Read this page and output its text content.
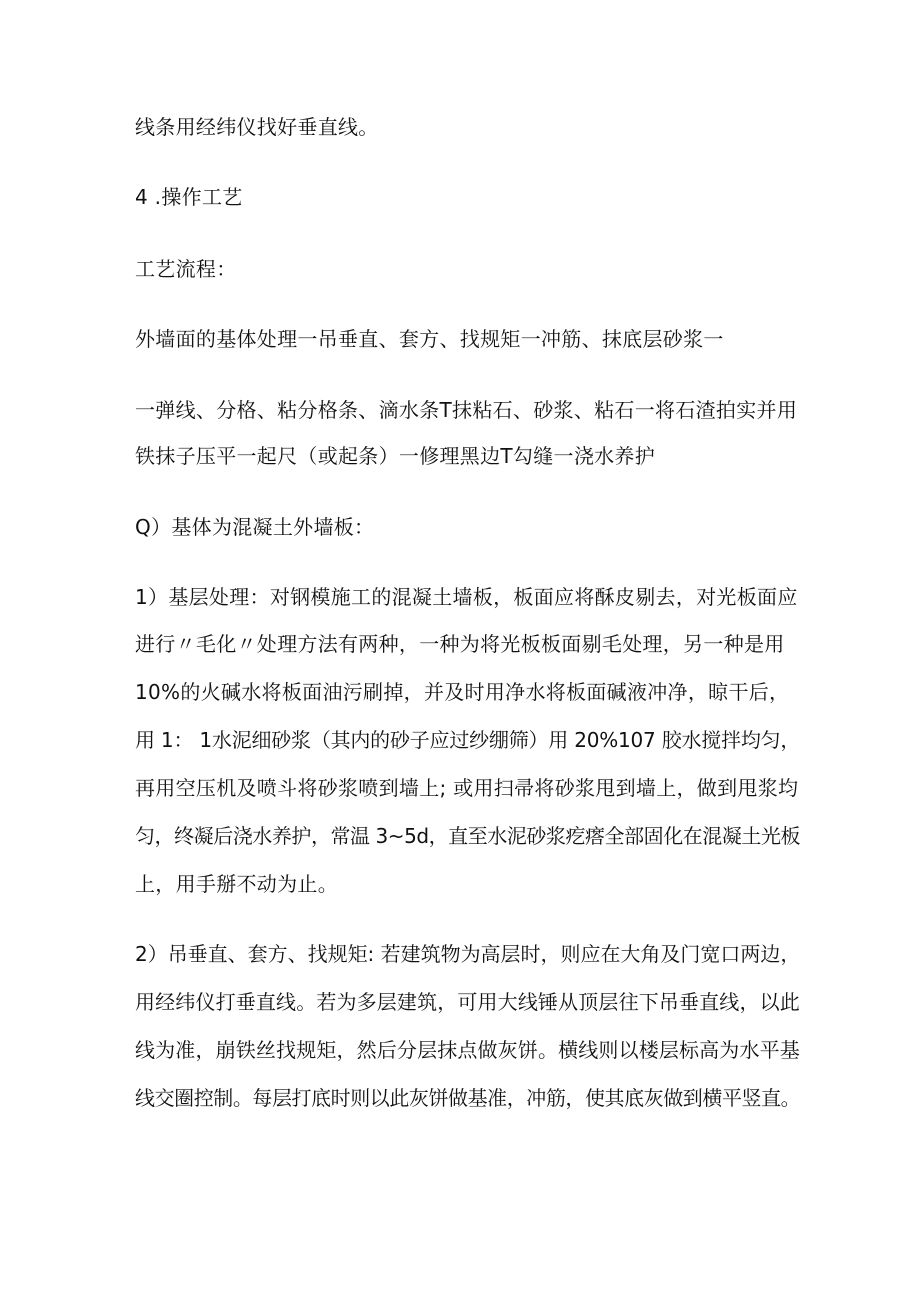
线条用经纬仪找好垂直线。

4 .操作工艺

工艺流程：

外墙面的基体处理一吊垂直、套方、找规矩一冲筋、抹底层砂浆一

一弹线、分格、粘分格条、滴水条T抹粘石、砂浆、粘石一将石渣拍实并用

铁抹子压平一起尺（或起条）一修理黑边T勾缝一浇水养护

Q）基体为混凝土外墙板：

1）基层处理：对钢模施工的混凝土墙板，板面应将酥皮剔去，对光板面应

进行〃毛化〃处理方法有两种，一种为将光板板面剔毛处理，另一种是用

10%的火碱水将板面油污刷掉，并及时用净水将板面碱液冲净，晾干后，

用 1： 1水泥细砂浆（其内的砂子应过纱绷筛）用 20%107 胶水搅拌均匀，

再用空压机及喷斗将砂浆喷到墙上; 或用扫帚将砂浆甩到墙上，做到甩浆均

匀，终凝后浇水养护，常温 3~5d，直至水泥砂浆疙瘩全部固化在混凝土光板

上，用手掰不动为止。

2）吊垂直、套方、找规矩: 若建筑物为高层时，则应在大角及门宽口两边，

用经纬仪打垂直线。若为多层建筑，可用大线锤从顶层往下吊垂直线，以此

线为准，崩铁丝找规矩，然后分层抹点做灰饼。横线则以楼层标高为水平基

线交圈控制。每层打底时则以此灰饼做基准，冲筋，使其底灰做到横平竖直。
